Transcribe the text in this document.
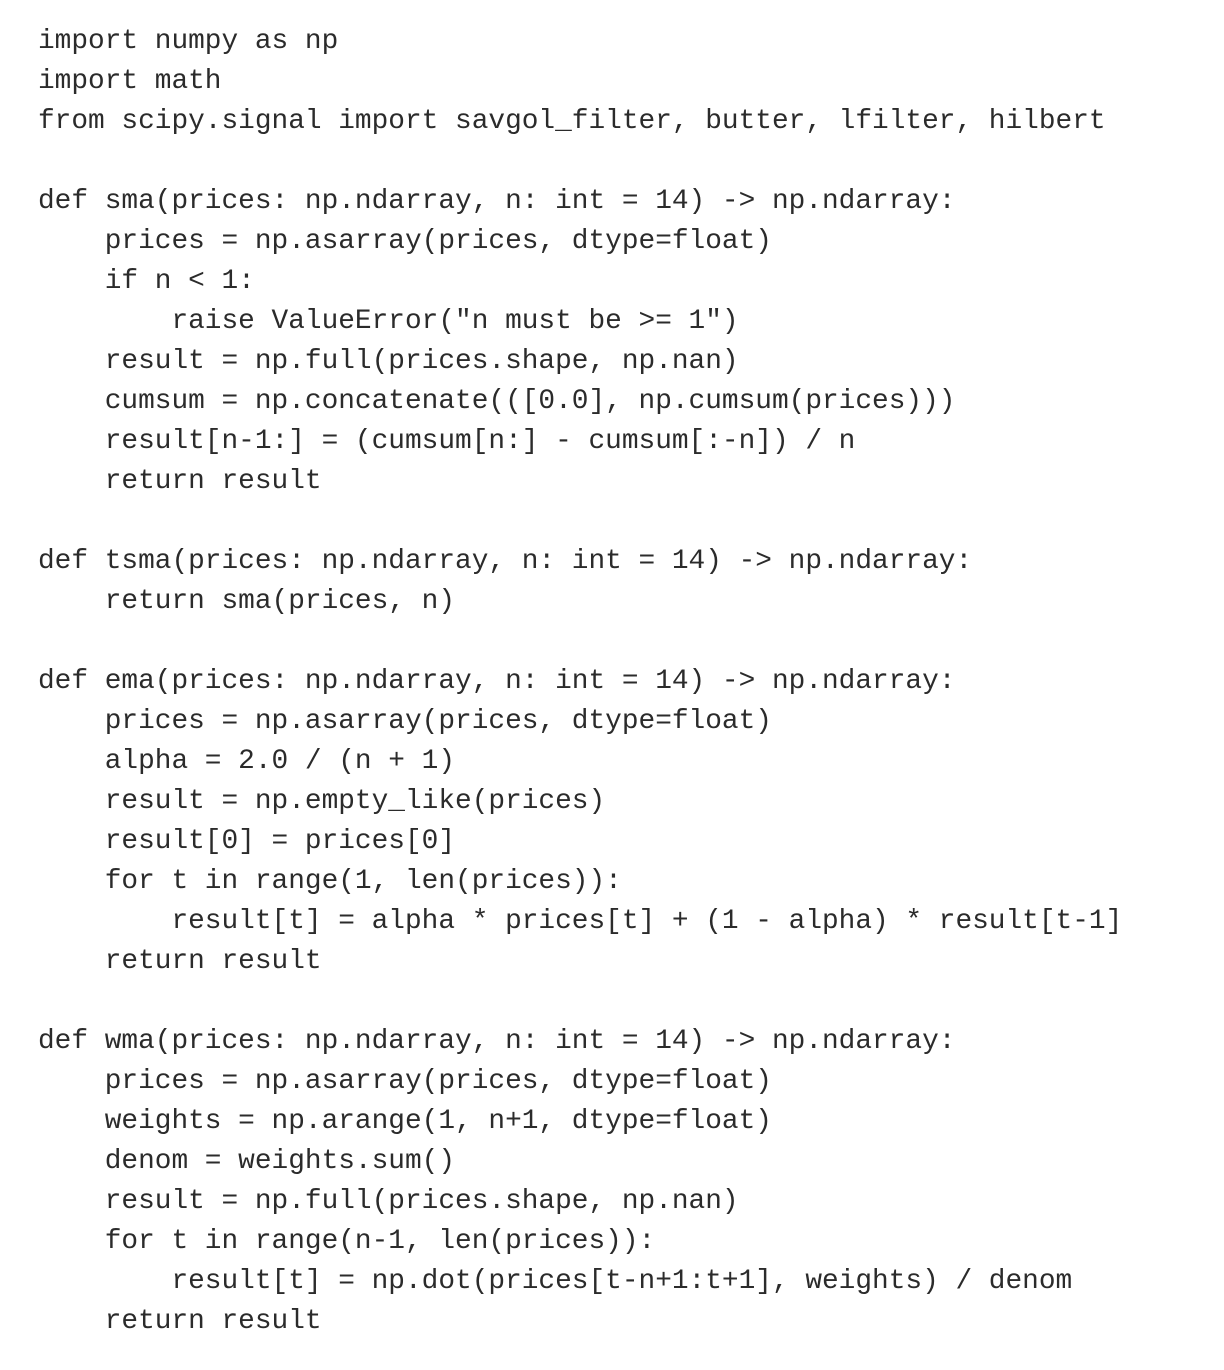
import numpy as np
import math
from scipy.signal import savgol_filter, butter, lfilter, hilbert
def sma(prices: np.ndarray, n: int = 14) -> np.ndarray:
prices = np.asarray(prices, dtype=float)
if n < 1:
raise ValueError("n must be >= 1")
result = np.full(prices.shape, np.nan)
cumsum = np.concatenate(([0.0], np.cumsum(prices)))
result[n-1:] = (cumsum[n:] - cumsum[:-n]) / n
return result
def tsma(prices: np.ndarray, n: int = 14) -> np.ndarray:
return sma(prices, n)
def ema(prices: np.ndarray, n: int = 14) -> np.ndarray:
prices = np.asarray(prices, dtype=float)
alpha = 2.0 / (n + 1)
result = np.empty_like(prices)
result[0] = prices[0]
for t in range(1, len(prices)):
result[t] = alpha * prices[t] + (1 - alpha) * result[t-1]
return result
def wma(prices: np.ndarray, n: int = 14) -> np.ndarray:
prices = np.asarray(prices, dtype=float)
weights = np.arange(1, n+1, dtype=float)
denom = weights.sum()
result = np.full(prices.shape, np.nan)
for t in range(n-1, len(prices)):
result[t] = np.dot(prices[t-n+1:t+1], weights) / denom
return result
